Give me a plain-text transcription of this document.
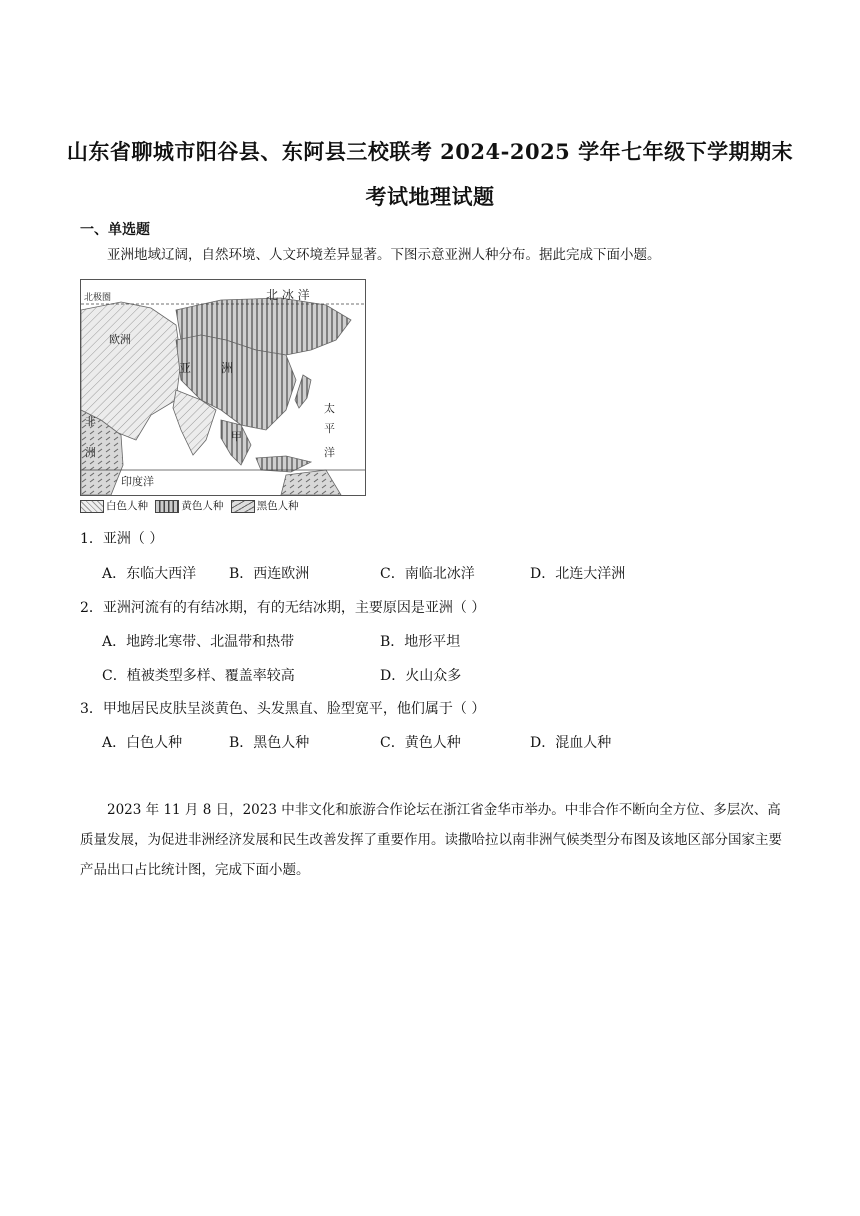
山东省聊城市阳谷县、东阿县三校联考 2024-2025 学年七年级下学期期末
考试地理试题
一、单选题
亚洲地域辽阔，自然环境、人文环境差异显著。下图示意亚洲人种分布。据此完成下面小题。
北极圈	北 冰 洋
欧洲
亚 洲
非
洲
太
平
洋
甲
印度洋
白色人种	黄色人种	黑色人种
1．亚洲（ ）
A．东临大西洋 B．西连欧洲	C．南临北冰洋	D．北连大洋洲
2．亚洲河流有的有结冰期，有的无结冰期，主要原因是亚洲（ ）
A．地跨北寒带、北温带和热带	B．地形平坦
C．植被类型多样、覆盖率较高	D．火山众多
3．甲地居民皮肤呈淡黄色、头发黑直、脸型宽平，他们属于（ ）
A．白色人种	B．黑色人种	C．黄色人种	D．混血人种
2023 年 11 月 8 日，2023 中非文化和旅游合作论坛在浙江省金华市举办。中非合作不断向全方位、多层次、高质量发展，为促进非洲经济发展和民生改善发挥了重要作用。读撒哈拉以南非洲气候类型分布图及该地区部分国家主要产品出口占比统计图，完成下面小题。
